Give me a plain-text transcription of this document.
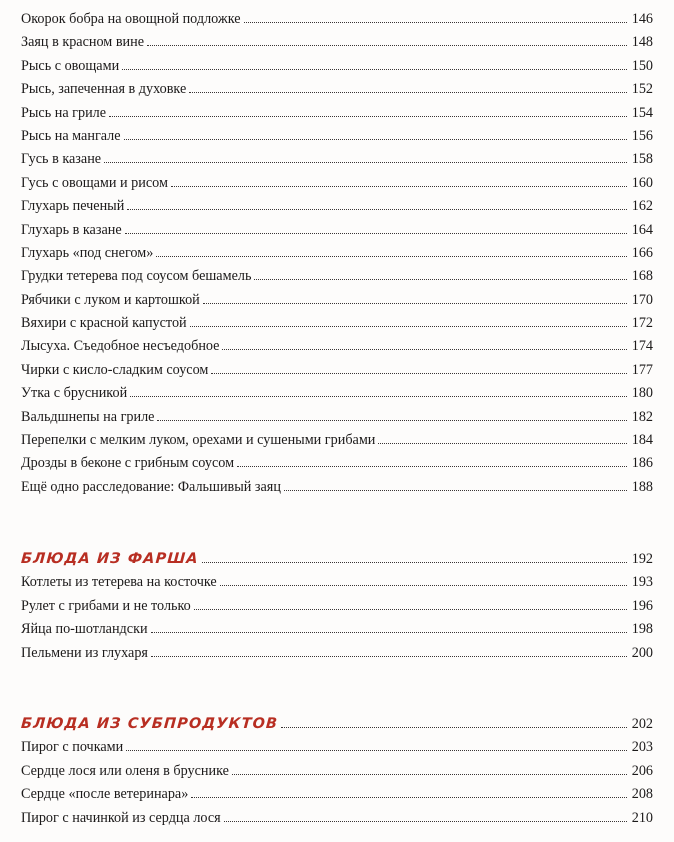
Окорок бобра на овощной подложке	146
Заяц в красном вине	148
Рысь с овощами	150
Рысь, запеченная в духовке	152
Рысь на гриле	154
Рысь на мангале	156
Гусь в казане	158
Гусь с овощами и рисом	160
Глухарь печеный	162
Глухарь в казане	164
Глухарь «под снегом»	166
Грудки тетерева под соусом бешамель	168
Рябчики с луком и картошкой	170
Вяхири с красной капустой	172
Лысуха. Съедобное несъедобное	174
Чирки с кисло-сладким соусом	177
Утка с брусникой	180
Вальдшнепы на гриле	182
Перепелки с мелким луком, орехами и сушеными грибами	184
Дрозды в беконе с грибным соусом	186
Ещё одно расследование: Фальшивый заяц	188
БЛЮДА ИЗ ФАРША	192
Котлеты из тетерева на косточке	193
Рулет с грибами и не только	196
Яйца по-шотландски	198
Пельмени из глухаря	200
БЛЮДА ИЗ СУБПРОДУКТОВ	202
Пирог с почками	203
Сердце лося или оленя в бруснике	206
Сердце «после ветеринара»	208
Пирог с начинкой из сердца лося	210
